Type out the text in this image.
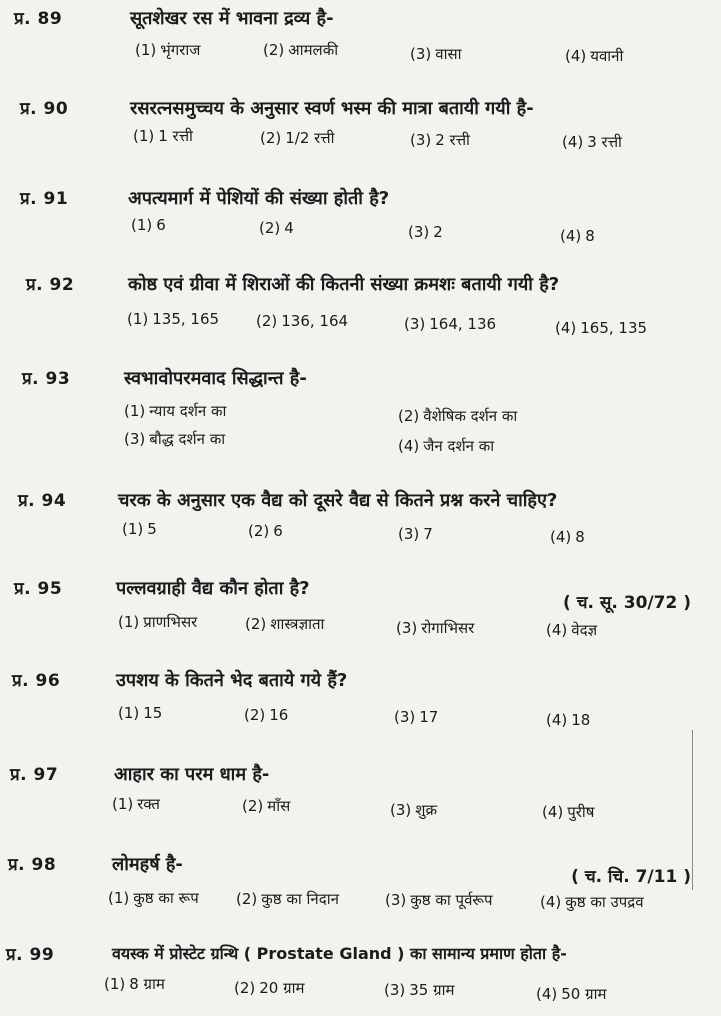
प्र. 89	सूतशेखर रस में भावना द्रव्य है-
(1) भृंगराज	(2) आमलकी	(3) वासा	(4) यवानी
प्र. 90	रसरत्नसमुच्चय के अनुसार स्वर्ण भस्म की मात्रा बतायी गयी है-
(1) 1 रत्ती	(2) 1/2 रत्ती	(3) 2 रत्ती	(4) 3 रत्ती
प्र. 91	अपत्यमार्ग में पेशियों की संख्या होती है?
(1) 6	(2) 4	(3) 2	(4) 8
प्र. 92	कोष्ठ एवं ग्रीवा में शिराओं की कितनी संख्या क्रमशः बतायी गयी है?
(1) 135, 165 (2) 136, 164	(3) 164, 136	(4) 165, 135
प्र. 93	स्वभावोपरमवाद सिद्धान्त है-
(1) न्याय दर्शन का	(2) वैशेषिक दर्शन का
(3) बौद्ध दर्शन का	(4) जैन दर्शन का
प्र. 94	चरक के अनुसार एक वैद्य को दूसरे वैद्य से कितने प्रश्न करने चाहिए?
(1) 5	(2) 6	(3) 7	(4) 8
प्र. 95	पल्लवग्राही वैद्य कौन होता है?
( च. सू. 30/72 )
(1) प्राणभिसर	(2) शास्त्रज्ञाता	(3) रोगाभिसर	(4) वेदज्ञ
प्र. 96	उपशय के कितने भेद बताये गये हैं?
(1) 15	(2) 16	(3) 17	(4) 18
प्र. 97	आहार का परम धाम है-
(1) रक्त	(2) माँस	(3) शुक्र	(4) पुरीष
प्र. 98	लोमहर्ष है-
( च. चि. 7/11 )
(1) कुष्ठ का रूप (2) कुष्ठ का निदान	(3) कुष्ठ का पूर्वरूप	(4) कुष्ठ का उपद्रव
प्र. 99	वयस्क में प्रोस्टेट ग्रन्थि ( Prostate Gland ) का सामान्य प्रमाण होता है-
(1) 8 ग्राम	(2) 20 ग्राम	(3) 35 ग्राम	(4) 50 ग्राम
